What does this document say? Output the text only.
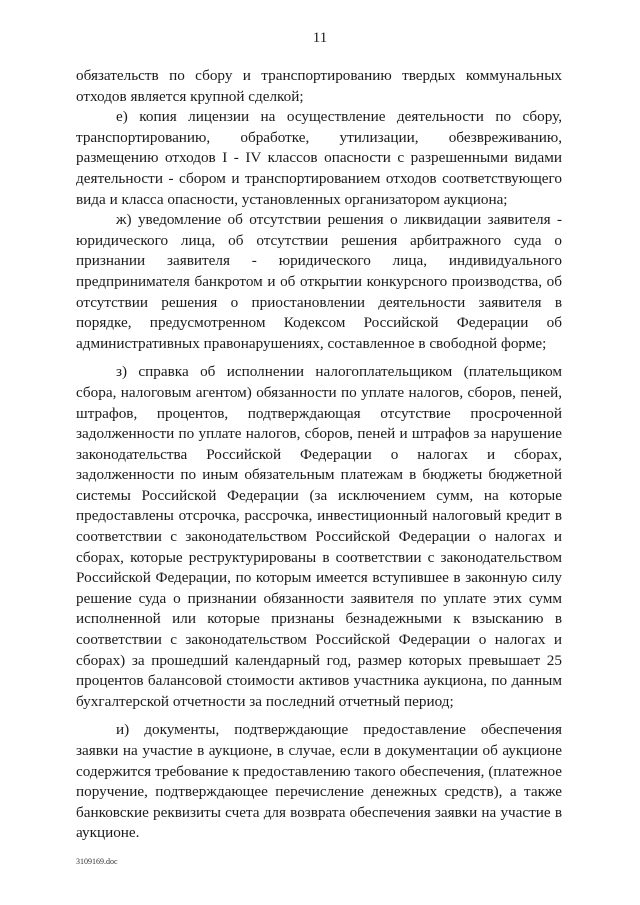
11

обязательств по сбору и транспортированию твердых коммунальных отходов является крупной сделкой;

е) копия лицензии на осуществление деятельности по сбору, транспортированию, обработке, утилизации, обезвреживанию, размещению отходов I - IV классов опасности с разрешенными видами деятельности - сбором и транспортированием отходов соответствующего вида и класса опасности, установленных организатором аукциона;

ж) уведомление об отсутствии решения о ликвидации заявителя - юридического лица, об отсутствии решения арбитражного суда о признании заявителя - юридического лица, индивидуального предпринимателя банкротом и об открытии конкурсного производства, об отсутствии решения о приостановлении деятельности заявителя в порядке, предусмотренном Кодексом Российской Федерации об административных правонарушениях, составленное в свободной форме;

з) справка об исполнении налогоплательщиком (плательщиком сбора, налоговым агентом) обязанности по уплате налогов, сборов, пеней, штрафов, процентов, подтверждающая отсутствие просроченной задолженности по уплате налогов, сборов, пеней и штрафов за нарушение законодательства Российской Федерации о налогах и сборах, задолженности по иным обязательным платежам в бюджеты бюджетной системы Российской Федерации (за исключением сумм, на которые предоставлены отсрочка, рассрочка, инвестиционный налоговый кредит в соответствии с законодательством Российской Федерации о налогах и сборах, которые реструктурированы в соответствии с законодательством Российской Федерации, по которым имеется вступившее в законную силу решение суда о признании обязанности заявителя по уплате этих сумм исполненной или которые признаны безнадежными к взысканию в соответствии с законодательством Российской Федерации о налогах и сборах) за прошедший календарный год, размер которых превышает 25 процентов балансовой стоимости активов участника аукциона, по данным бухгалтерской отчетности за последний отчетный период;

и) документы, подтверждающие предоставление обеспечения заявки на участие в аукционе, в случае, если в документации об аукционе содержится требование к предоставлению такого обеспечения, (платежное поручение, подтверждающее перечисление денежных средств), а также банковские реквизиты счета для возврата обеспечения заявки на участие в аукционе.

3109169.doc
